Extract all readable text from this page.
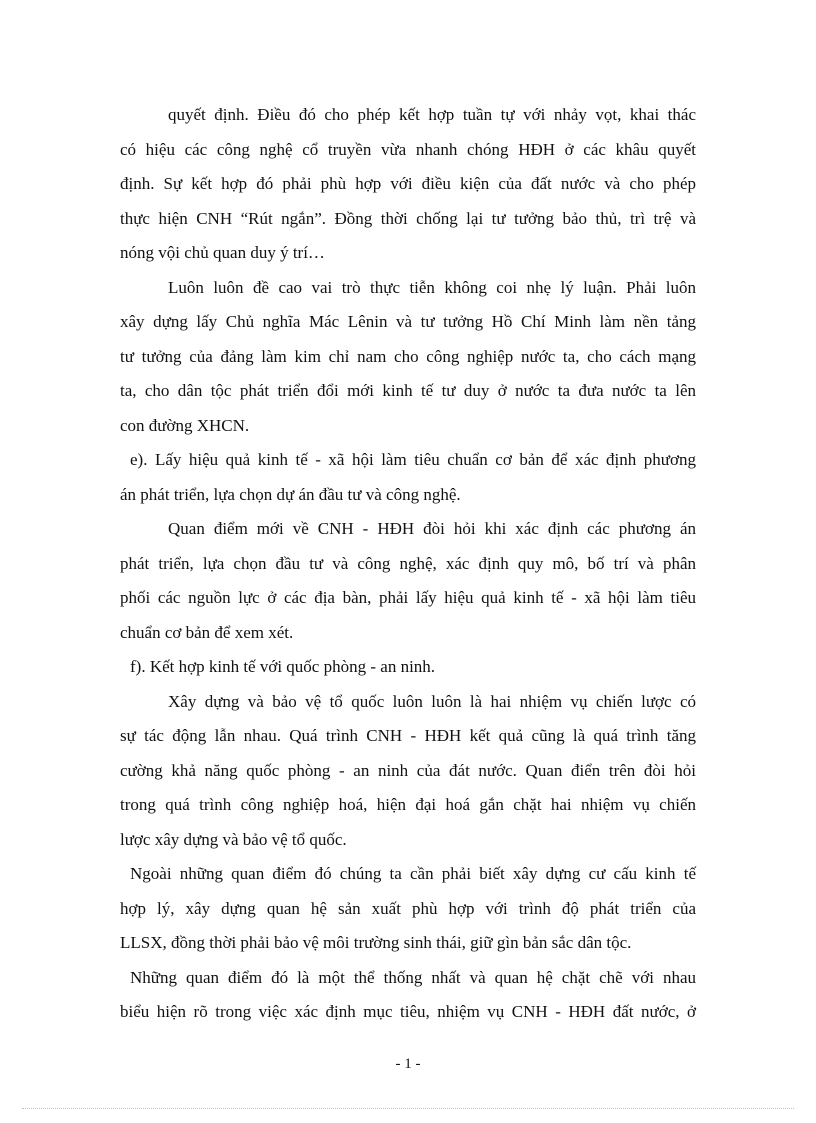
quyết định. Điều đó cho phép kết hợp tuần tự với nhảy vọt, khai thác
có hiệu các công nghệ cổ truyền vừa nhanh chóng HĐH ở các khâu quyết
định. Sự kết hợp đó phải phù hợp với điều kiện của đất nước và cho phép
thực hiện CNH “Rút ngắn”. Đồng thời chống lại tư tưởng bảo thủ, trì trệ và
nóng vội chủ quan duy ý trí…
Luôn luôn đề cao vai trò thực tiễn không coi nhẹ lý luận. Phải luôn
xây dựng lấy Chủ nghĩa Mác Lênin và tư tưởng Hồ Chí Minh làm nền tảng
tư tưởng của đảng làm kim chỉ nam cho công nghiệp nước ta, cho cách mạng
ta, cho dân tộc phát triển đổi mới kinh tế tư duy ở nước ta đưa nước ta lên
con đường XHCN.
e). Lấy hiệu quả kinh tế - xã hội làm tiêu chuẩn cơ bản để xác định phương
án phát triển, lựa chọn dự án đầu tư và công nghệ.
Quan điểm mới về CNH - HĐH đòi hỏi khi xác định các phương án
phát triển, lựa chọn đầu tư và công nghệ, xác định quy mô, bố trí và phân
phối các nguồn lực ở các địa bàn, phải lấy hiệu quả kinh tế - xã hội làm tiêu
chuẩn cơ bản để xem xét.
f). Kết hợp kinh tế với quốc phòng - an ninh.
Xây dựng và bảo vệ tổ quốc luôn luôn là hai nhiệm vụ chiến lược có
sự tác động lẫn nhau. Quá trình CNH - HĐH kết quả cũng là quá trình tăng
cường khả năng quốc phòng - an ninh của đát nước. Quan điển trên đòi hỏi
trong quá trình công nghiệp hoá, hiện đại hoá gắn chặt hai nhiệm vụ chiến
lược xây dựng và bảo vệ tổ quốc.
Ngoài những quan điểm đó chúng ta cần phải biết xây dựng cư cấu kinh tế
hợp lý, xây dựng quan hệ sản xuất phù hợp với trình độ phát triển của
LLSX, đồng thời phải bảo vệ môi trường sinh thái, giữ gìn bản sắc dân tộc.
Những quan điểm đó là một thể thống nhất và quan hệ chặt chẽ với nhau
biểu hiện rõ trong việc xác định mục tiêu, nhiệm vụ CNH - HĐH đất nước, ở
- 1 -
